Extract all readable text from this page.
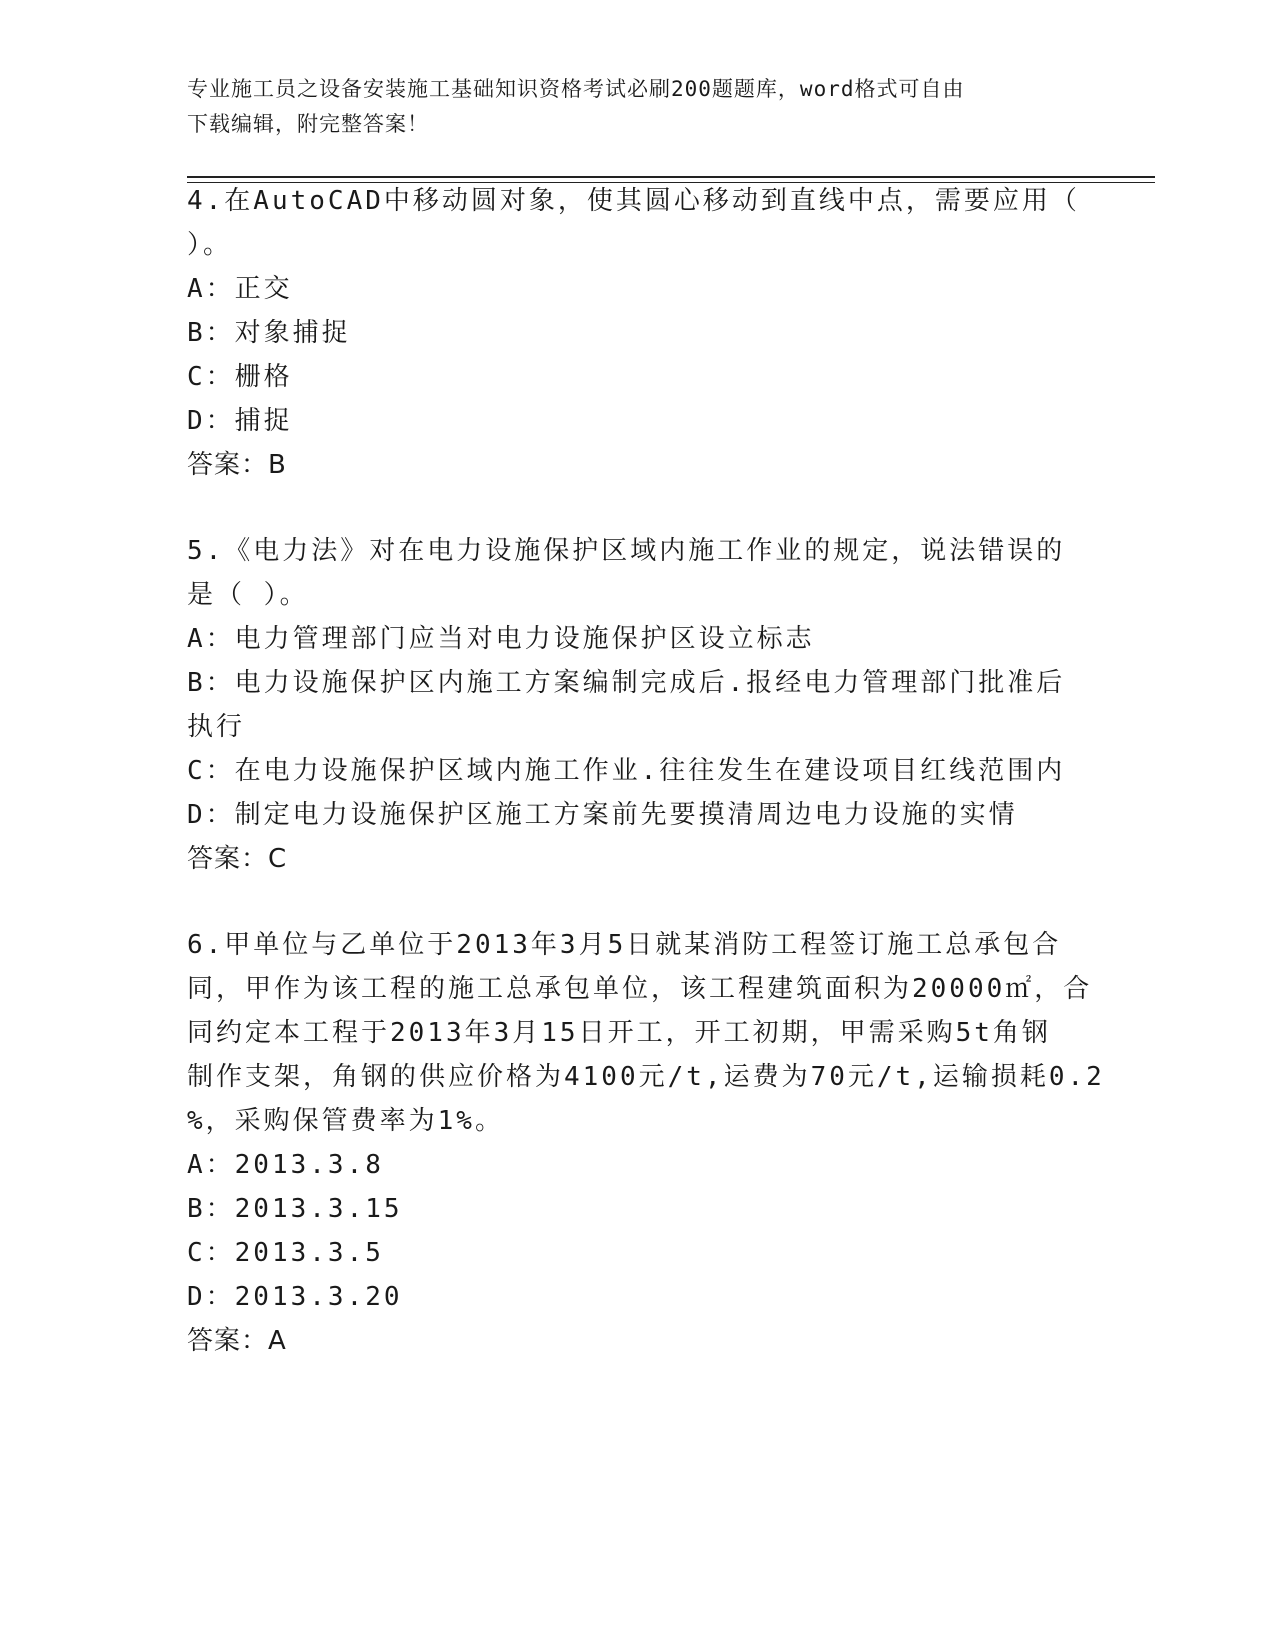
专业施工员之设备安装施工基础知识资格考试必刷200题题库，word格式可自由
下载编辑，附完整答案！
4.在AutoCAD中移动圆对象，使其圆心移动到直线中点，需要应用（
）。
A：正交
B：对象捕捉
C：栅格
D：捕捉
答案：B
5.《电力法》对在电力设施保护区域内施工作业的规定，说法错误的
是（ ）。
A：电力管理部门应当对电力设施保护区设立标志
B：电力设施保护区内施工方案编制完成后.报经电力管理部门批准后
执行
C：在电力设施保护区域内施工作业.往往发生在建设项目红线范围内
D：制定电力设施保护区施工方案前先要摸清周边电力设施的实情
答案：C
6.甲单位与乙单位于2013年3月5日就某消防工程签订施工总承包合
同，甲作为该工程的施工总承包单位，该工程建筑面积为20000㎡，合
同约定本工程于2013年3月15日开工，开工初期，甲需采购5t角钢
制作支架，角钢的供应价格为4100元/t,运费为70元/t,运输损耗0.2
%，采购保管费率为1%。
A：2013.3.8
B：2013.3.15
C：2013.3.5
D：2013.3.20
答案：A
